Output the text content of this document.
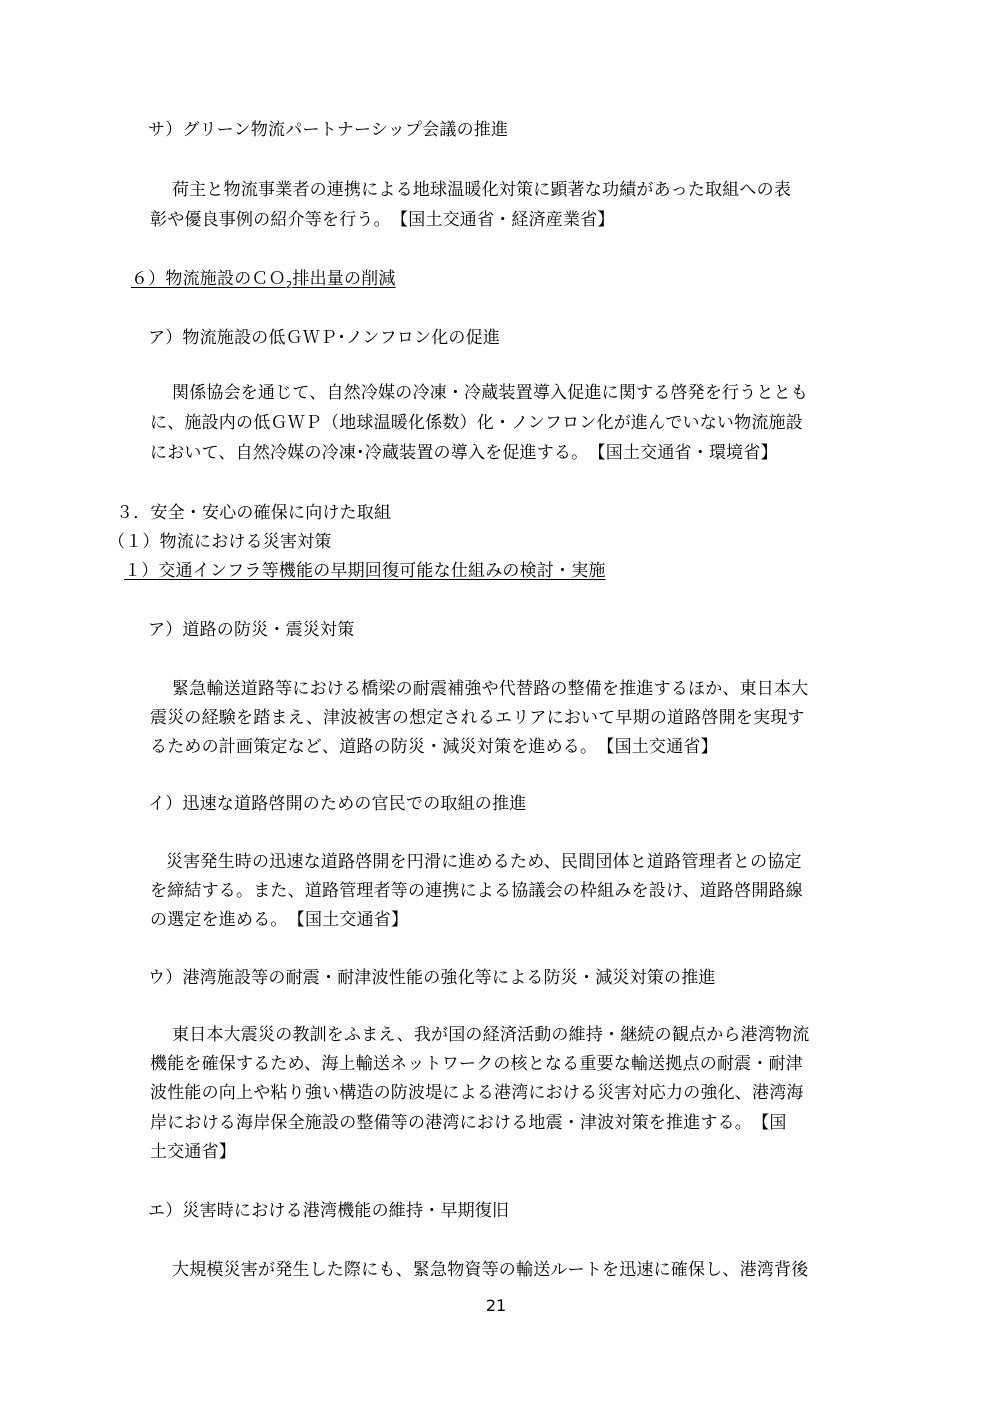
サ）グリーン物流パートナーシップ会議の推進
荷主と物流事業者の連携による地球温暖化対策に顕著な功績があった取組への表
彰や優良事例の紹介等を行う。　【国土交通省・経済産業省】
６）物流施設のＣＯ$_2$排出量の削減
ア）物流施設の低ＧＷＰ･ノンフロン化の促進
関係協会を通じて、自然冷媒の冷凍・冷蔵装置導入促進に関する啓発を行うととも
に、施設内の低ＧＷＰ（地球温暖化係数）化・ノンフロン化が進んでいない物流施設
において、自然冷媒の冷凍･冷蔵装置の導入を促進する。　【国土交通省・環境省】
３．安全・安心の確保に向けた取組
（１）物流における災害対策
１）交通インフラ等機能の早期回復可能な仕組みの検討・実施
ア）道路の防災・震災対策
緊急輸送道路等における橋梁の耐震補強や代替路の整備を推進するほか、東日本大
震災の経験を踏まえ、津波被害の想定されるエリアにおいて早期の道路啓開を実現す
るための計画策定など、道路の防災・減災対策を進める。　【国土交通省】
イ）迅速な道路啓開のための官民での取組の推進
災害発生時の迅速な道路啓開を円滑に進めるため、民間団体と道路管理者との協定
を締結する。また、道路管理者等の連携による協議会の枠組みを設け、道路啓開路線
の選定を進める。　【国土交通省】
ウ）港湾施設等の耐震・耐津波性能の強化等による防災・減災対策の推進
東日本大震災の教訓をふまえ、我が国の経済活動の維持・継続の観点から港湾物流
機能を確保するため、海上輸送ネットワークの核となる重要な輸送拠点の耐震・耐津
波性能の向上や粘り強い構造の防波堤による港湾における災害対応力の強化、港湾海
岸における海岸保全施設の整備等の港湾における地震・津波対策を推進する。　【国
土交通省】
エ）災害時における港湾機能の維持・早期復旧
大規模災害が発生した際にも、緊急物資等の輸送ルートを迅速に確保し、港湾背後
21
